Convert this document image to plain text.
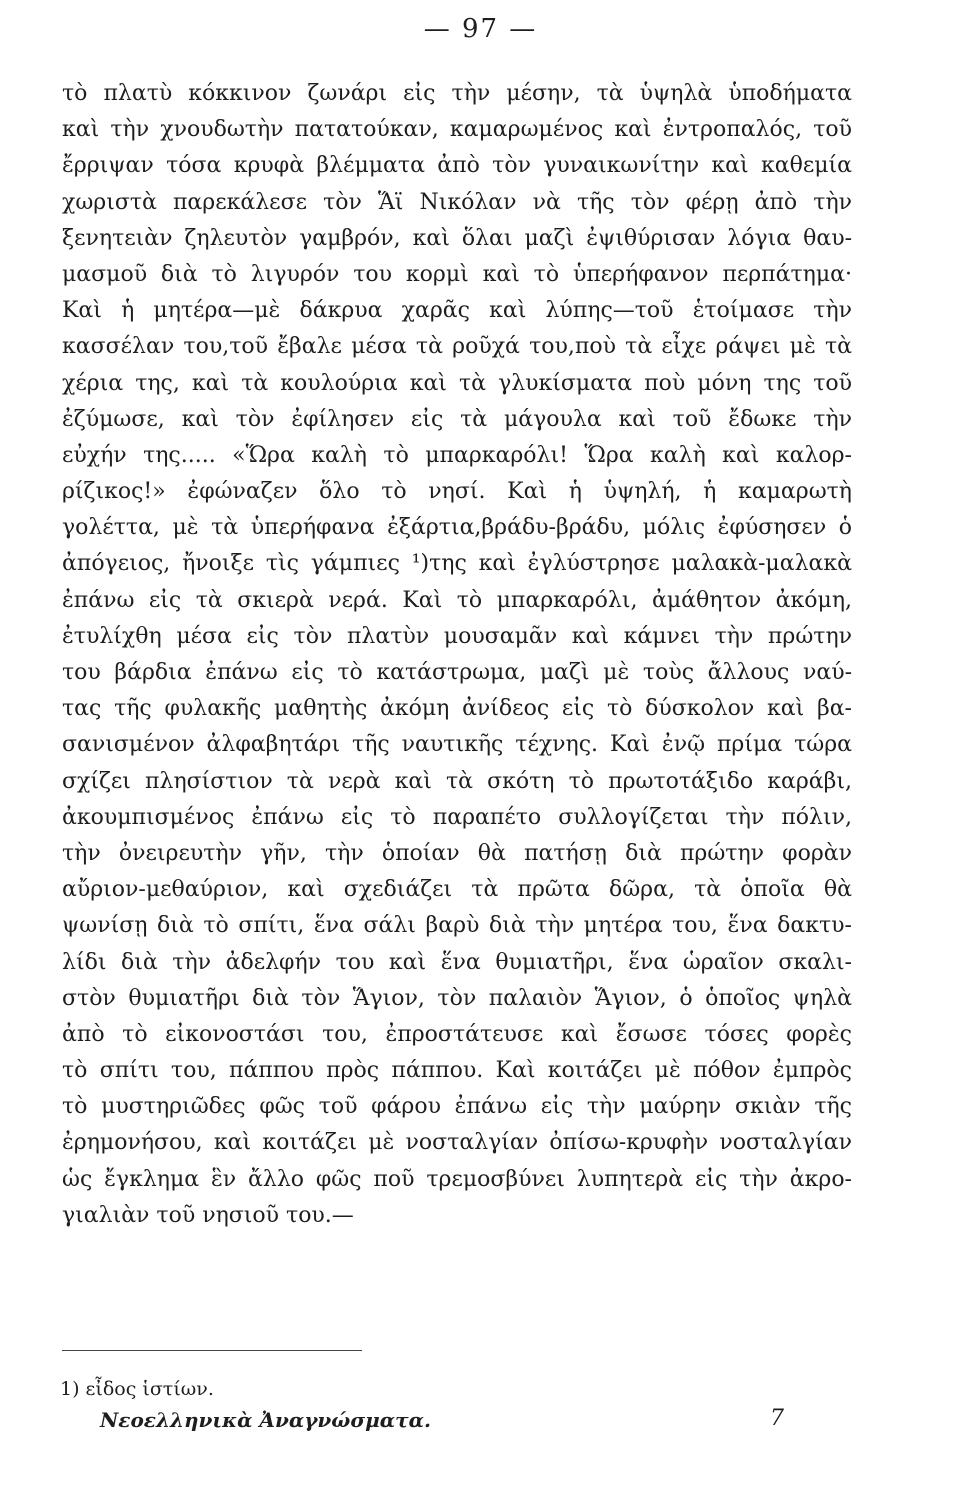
— 97 —
τὸ πλατὺ κόκκινον ζωνάρι εἰς τὴν μέσην, τὰ ὑψηλὰ ὑποδήματα
καὶ τὴν χνουδωτὴν πατατούκαν, καμαρωμένος καὶ ἐντροπαλός, τοῦ
ἔρριψαν τόσα κρυφὰ βλέμματα ἀπὸ τὸν γυναικωνίτην καὶ καθεμία
χωριστὰ παρεκάλεσε τὸν Ἅϊ Νικόλαν νὰ τῆς τὸν φέρῃ ἀπὸ τὴν
ξενητειὰν ζηλευτὸν γαμβρόν, καὶ ὅλαι μαζὶ ἐψιθύρισαν λόγια θαυ-
μασμοῦ διὰ τὸ λιγυρόν του κορμὶ καὶ τὸ ὑπερήφανον περπάτημα·
Καὶ ἡ μητέρα—μὲ δάκρυα χαρᾶς καὶ λύπης—τοῦ ἑτοίμασε τὴν
κασσέλαν του,τοῦ ἔβαλε μέσα τὰ ροῦχά του,ποὺ τὰ εἶχε ράψει μὲ τὰ
χέρια της, καὶ τὰ κουλούρια καὶ τὰ γλυκίσματα ποὺ μόνη της τοῦ
ἐζύμωσε, καὶ τὸν ἐφίλησεν εἰς τὰ μάγουλα καὶ τοῦ ἔδωκε τὴν
εὐχήν της..... «Ὥρα καλὴ τὸ μπαρκαρόλι! Ὥρα καλὴ καὶ καλορ-
ρίζικος!» ἐφώναζεν ὅλο τὸ νησί. Καὶ ἡ ὑψηλή, ἡ καμαρωτὴ
γολέττα, μὲ τὰ ὑπερήφανα ἐξάρτια,βράδυ-βράδυ, μόλις ἐφύσησεν ὁ
ἀπόγειος, ἤνοιξε τὶς γάμπιες ¹)της καὶ ἐγλύστρησε μαλακὰ-μαλακὰ
ἐπάνω εἰς τὰ σκιερὰ νερά. Καὶ τὸ μπαρκαρόλι, ἀμάθητον ἀκόμη,
ἐτυλίχθη μέσα εἰς τὸν πλατὺν μουσαμᾶν καὶ κάμνει τὴν πρώτην
του βάρδια ἐπάνω εἰς τὸ κατάστρωμα, μαζὶ μὲ τοὺς ἄλλους ναύ-
τας τῆς φυλακῆς μαθητὴς ἀκόμη ἀνίδεος εἰς τὸ δύσκολον καὶ βα-
σανισμένον ἀλφαβητάρι τῆς ναυτικῆς τέχνης. Καὶ ἐνῷ πρίμα τώρα
σχίζει πλησίστιον τὰ νερὰ καὶ τὰ σκότη τὸ πρωτοτάξιδο καράβι,
ἀκουμπισμένος ἐπάνω εἰς τὸ παραπέτο συλλογίζεται τὴν πόλιν,
τὴν ὀνειρευτὴν γῆν, τὴν ὁποίαν θὰ πατήσῃ διὰ πρώτην φορὰν
αὔριον-μεθαύριον, καὶ σχεδιάζει τὰ πρῶτα δῶρα, τὰ ὁποῖα θὰ
ψωνίσῃ διὰ τὸ σπίτι, ἕνα σάλι βαρὺ διὰ τὴν μητέρα του, ἕνα δακτυ-
λίδι διὰ τὴν ἀδελφήν του καὶ ἕνα θυμιατῆρι, ἕνα ὡραῖον σκαλι-
στὸν θυμιατῆρι διὰ τὸν Ἅγιον, τὸν παλαιὸν Ἅγιον, ὁ ὁποῖος ψηλὰ
ἀπὸ τὸ εἰκονοστάσι του, ἐπροστάτευσε καὶ ἔσωσε τόσες φορὲς
τὸ σπίτι του, πάππου πρὸς πάππου. Καὶ κοιτάζει μὲ πόθον ἐμπρὸς
τὸ μυστηριῶδες φῶς τοῦ φάρου ἐπάνω εἰς τὴν μαύρην σκιὰν τῆς
ἐρημονήσου, καὶ κοιτάζει μὲ νοσταλγίαν ὀπίσω-κρυφὴν νοσταλγίαν
ὡς ἔγκλημα ἓν ἄλλο φῶς ποῦ τρεμοσβύνει λυπητερὰ εἰς τὴν ἀκρο-
γιαλιὰν τοῦ νησιοῦ του.—
1) εἶδος ἱστίων.
Νεοελληνικὰ Ἀναγνώσματα.	7
